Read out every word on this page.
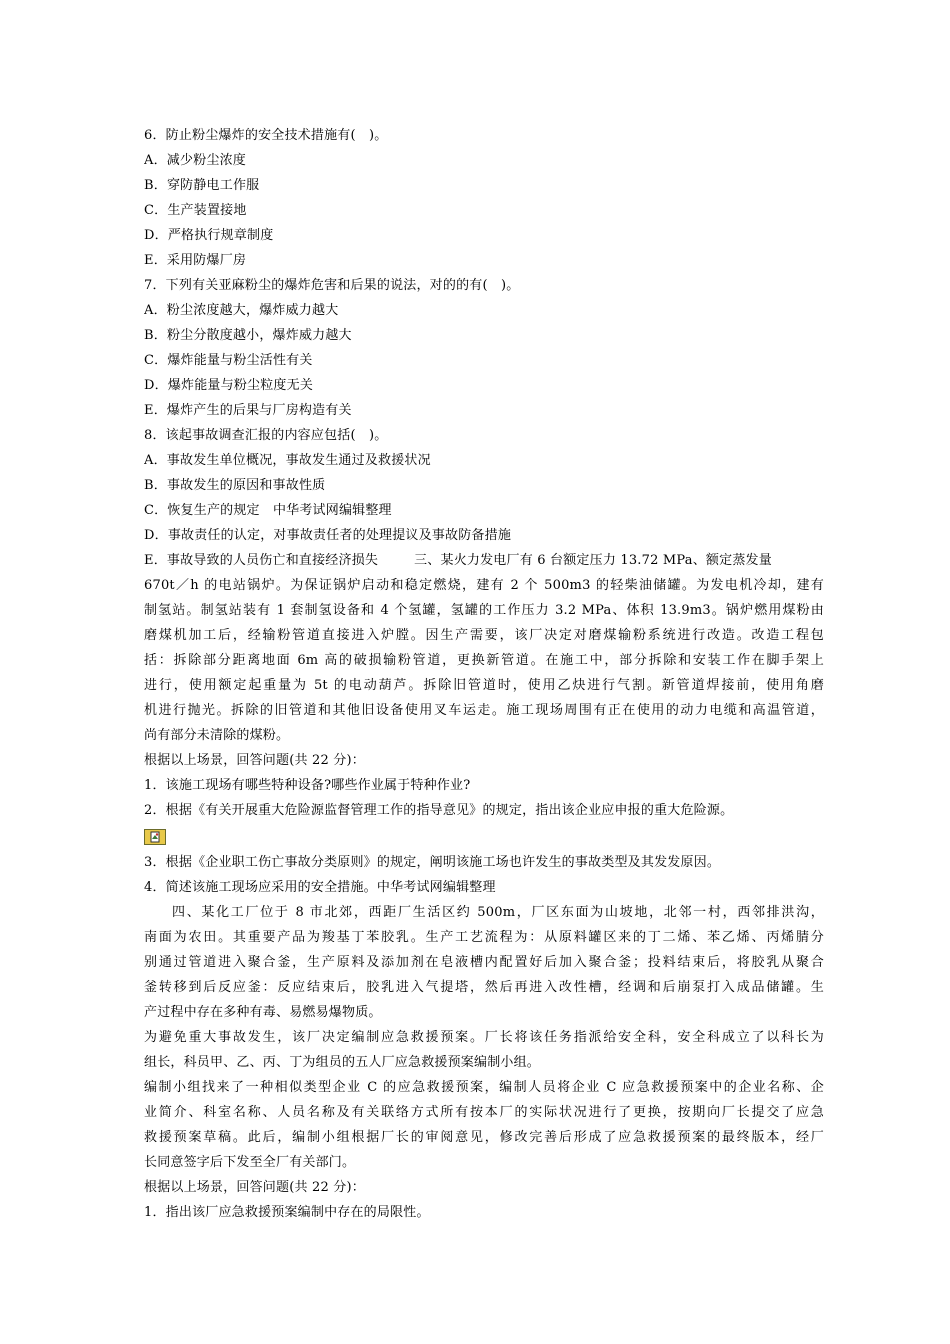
6．防止粉尘爆炸的安全技术措施有(　)。
A．减少粉尘浓度
B．穿防静电工作服
C．生产装置接地
D．严格执行规章制度
E．采用防爆厂房
7．下列有关亚麻粉尘的爆炸危害和后果的说法，对的的有(　)。
A．粉尘浓度越大，爆炸威力越大
B．粉尘分散度越小，爆炸威力越大
C．爆炸能量与粉尘活性有关
D．爆炸能量与粉尘粒度无关
E．爆炸产生的后果与厂房构造有关
8．该起事故调查汇报的内容应包括(　)。
A．事故发生单位概况，事故发生通过及救援状况
B．事故发生的原因和事故性质
C．恢复生产的规定　中华考试网编辑整理
D．事故责任的认定，对事故责任者的处理提议及事故防备措施
E．事故导致的人员伤亡和直接经济损失	三、某火力发电厂有 6 台额定压力 13.72 MPa、额定蒸发量
670t／h 的电站锅炉。为保证锅炉启动和稳定燃烧，建有 2 个 500m3 的轻柴油储罐。为发电机冷却，建有
制氢站。制氢站装有 1 套制氢设备和 4 个氢罐，氢罐的工作压力 3.2 MPa、体积 13.9m3。锅炉燃用煤粉由
磨煤机加工后，经输粉管道直接进入炉膛。因生产需要，该厂决定对磨煤输粉系统进行改造。改造工程包
括：拆除部分距离地面 6m 高的破损输粉管道，更换新管道。在施工中，部分拆除和安装工作在脚手架上
进行，使用额定起重量为 5t 的电动葫芦。拆除旧管道时，使用乙炔进行气割。新管道焊接前，使用角磨
机进行抛光。拆除的旧管道和其他旧设备使用叉车运走。施工现场周围有正在使用的动力电缆和高温管道，
尚有部分未清除的煤粉。
根据以上场景，回答问题(共 22 分)：
1．该施工现场有哪些特种设备?哪些作业属于特种作业?
2．根据《有关开展重大危险源监督管理工作的指导意见》的规定，指出该企业应申报的重大危险源。
3．根据《企业职工伤亡事故分类原则》的规定，阐明该施工场也许发生的事故类型及其发发原因。
4．简述该施工现场应采用的安全措施。中华考试网编辑整理
四、某化工厂位于 8 市北郊，西距厂生活区约 500m，厂区东面为山坡地，北邻一村，西邻排洪沟，
南面为农田。其重要产品为羧基丁苯胶乳。生产工艺流程为：从原料罐区来的丁二烯、苯乙烯、丙烯腈分
别通过管道进入聚合釜，生产原料及添加剂在皂液槽内配置好后加入聚合釜；投料结束后，将胶乳从聚合
釜转移到后反应釜：反应结束后，胶乳进入气提塔，然后再进入改性槽，经调和后崩泵打入成品储罐。生
产过程中存在多种有毒、易燃易爆物质。
为避免重大事故发生，该厂决定编制应急救援预案。厂长将该任务指派给安全科，安全科成立了以科长为
组长，科员甲、乙、丙、丁为组员的五人厂应急救援预案编制小组。
编制小组找来了一种相似类型企业 C 的应急救援预案，编制人员将企业 C 应急救援预案中的企业名称、企
业简介、科室名称、人员名称及有关联络方式所有按本厂的实际状况进行了更换，按期向厂长提交了应急
救援预案草稿。此后，编制小组根据厂长的审阅意见，修改完善后形成了应急救援预案的最终版本，经厂
长同意签字后下发至全厂有关部门。
根据以上场景，回答问题(共 22 分)：
1．指出该厂应急救援预案编制中存在的局限性。
